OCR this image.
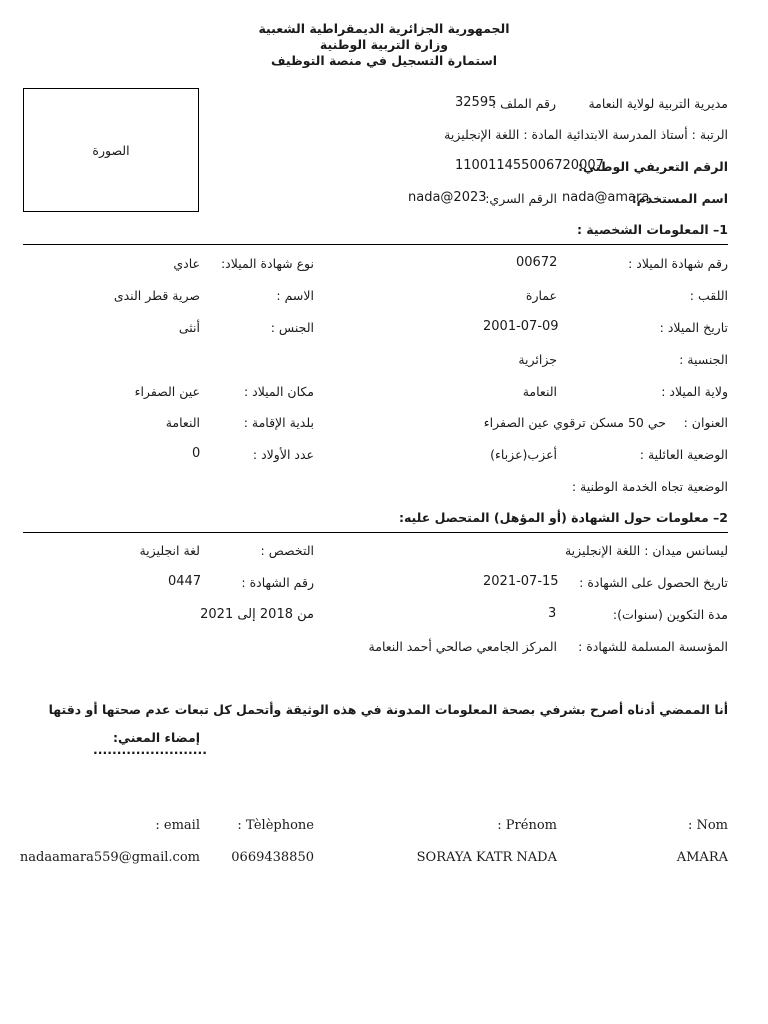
الجمهورية الجزائرية الديمقراطية الشعبية
وزارة التربية الوطنية
استمارة التسجيل في منصة التوظيف
الصورة
مديرية التربية لولاية النعامة
رقم الملف :
32595
الرتبة : أستاذ المدرسة الابتدائية
المادة : اللغة الإنجليزية
الرقم التعريفي الوطني:
110011455006720007
اسم المستخدم:
nada@amara
الرقم السري:
nada@2023
1– المعلومات الشخصية :
رقم شهادة الميلاد :
00672
نوع شهادة الميلاد:
عادي
اللقب :
عمارة
الاسم :
صرية قطر الندى
تاريخ الميلاد :
2001-07-09
الجنس :
أنثى
الجنسية :
جزائرية
ولاية الميلاد :
النعامة
مكان الميلاد :
عين الصفراء
العنوان :
حي 50 مسكن ترقوي عين الصفراء
بلدية الإقامة :
النعامة
الوضعية العائلية :
أعزب(عزباء)
عدد الأولاد :
0
الوضعية تجاه الخدمة الوطنية :
2– معلومات حول الشهادة (أو المؤهل) المتحصل عليه:
ليسانس ميدان : اللغة الإنجليزية
التخصص :
لغة انجليزية
تاريخ الحصول على الشهادة :
2021-07-15
رقم الشهادة :
0447
مدة التكوين (سنوات):
3
من 2018 إلى 2021
المؤسسة المسلمة للشهادة :
المركز الجامعي صالحي أحمد النعامة
أنا الممضي أدناه أصرح بشرفي بصحة المعلومات المدونة في هذه الوثيقة وأتحمل كل تبعات عدم صحتها أو دقتها
إمضاء المعني:
........................
: Nom
: Prénom
: Tèlèphone
: email
AMARA
SORAYA KATR NADA
0669438850
nadaamara559@gmail.com
